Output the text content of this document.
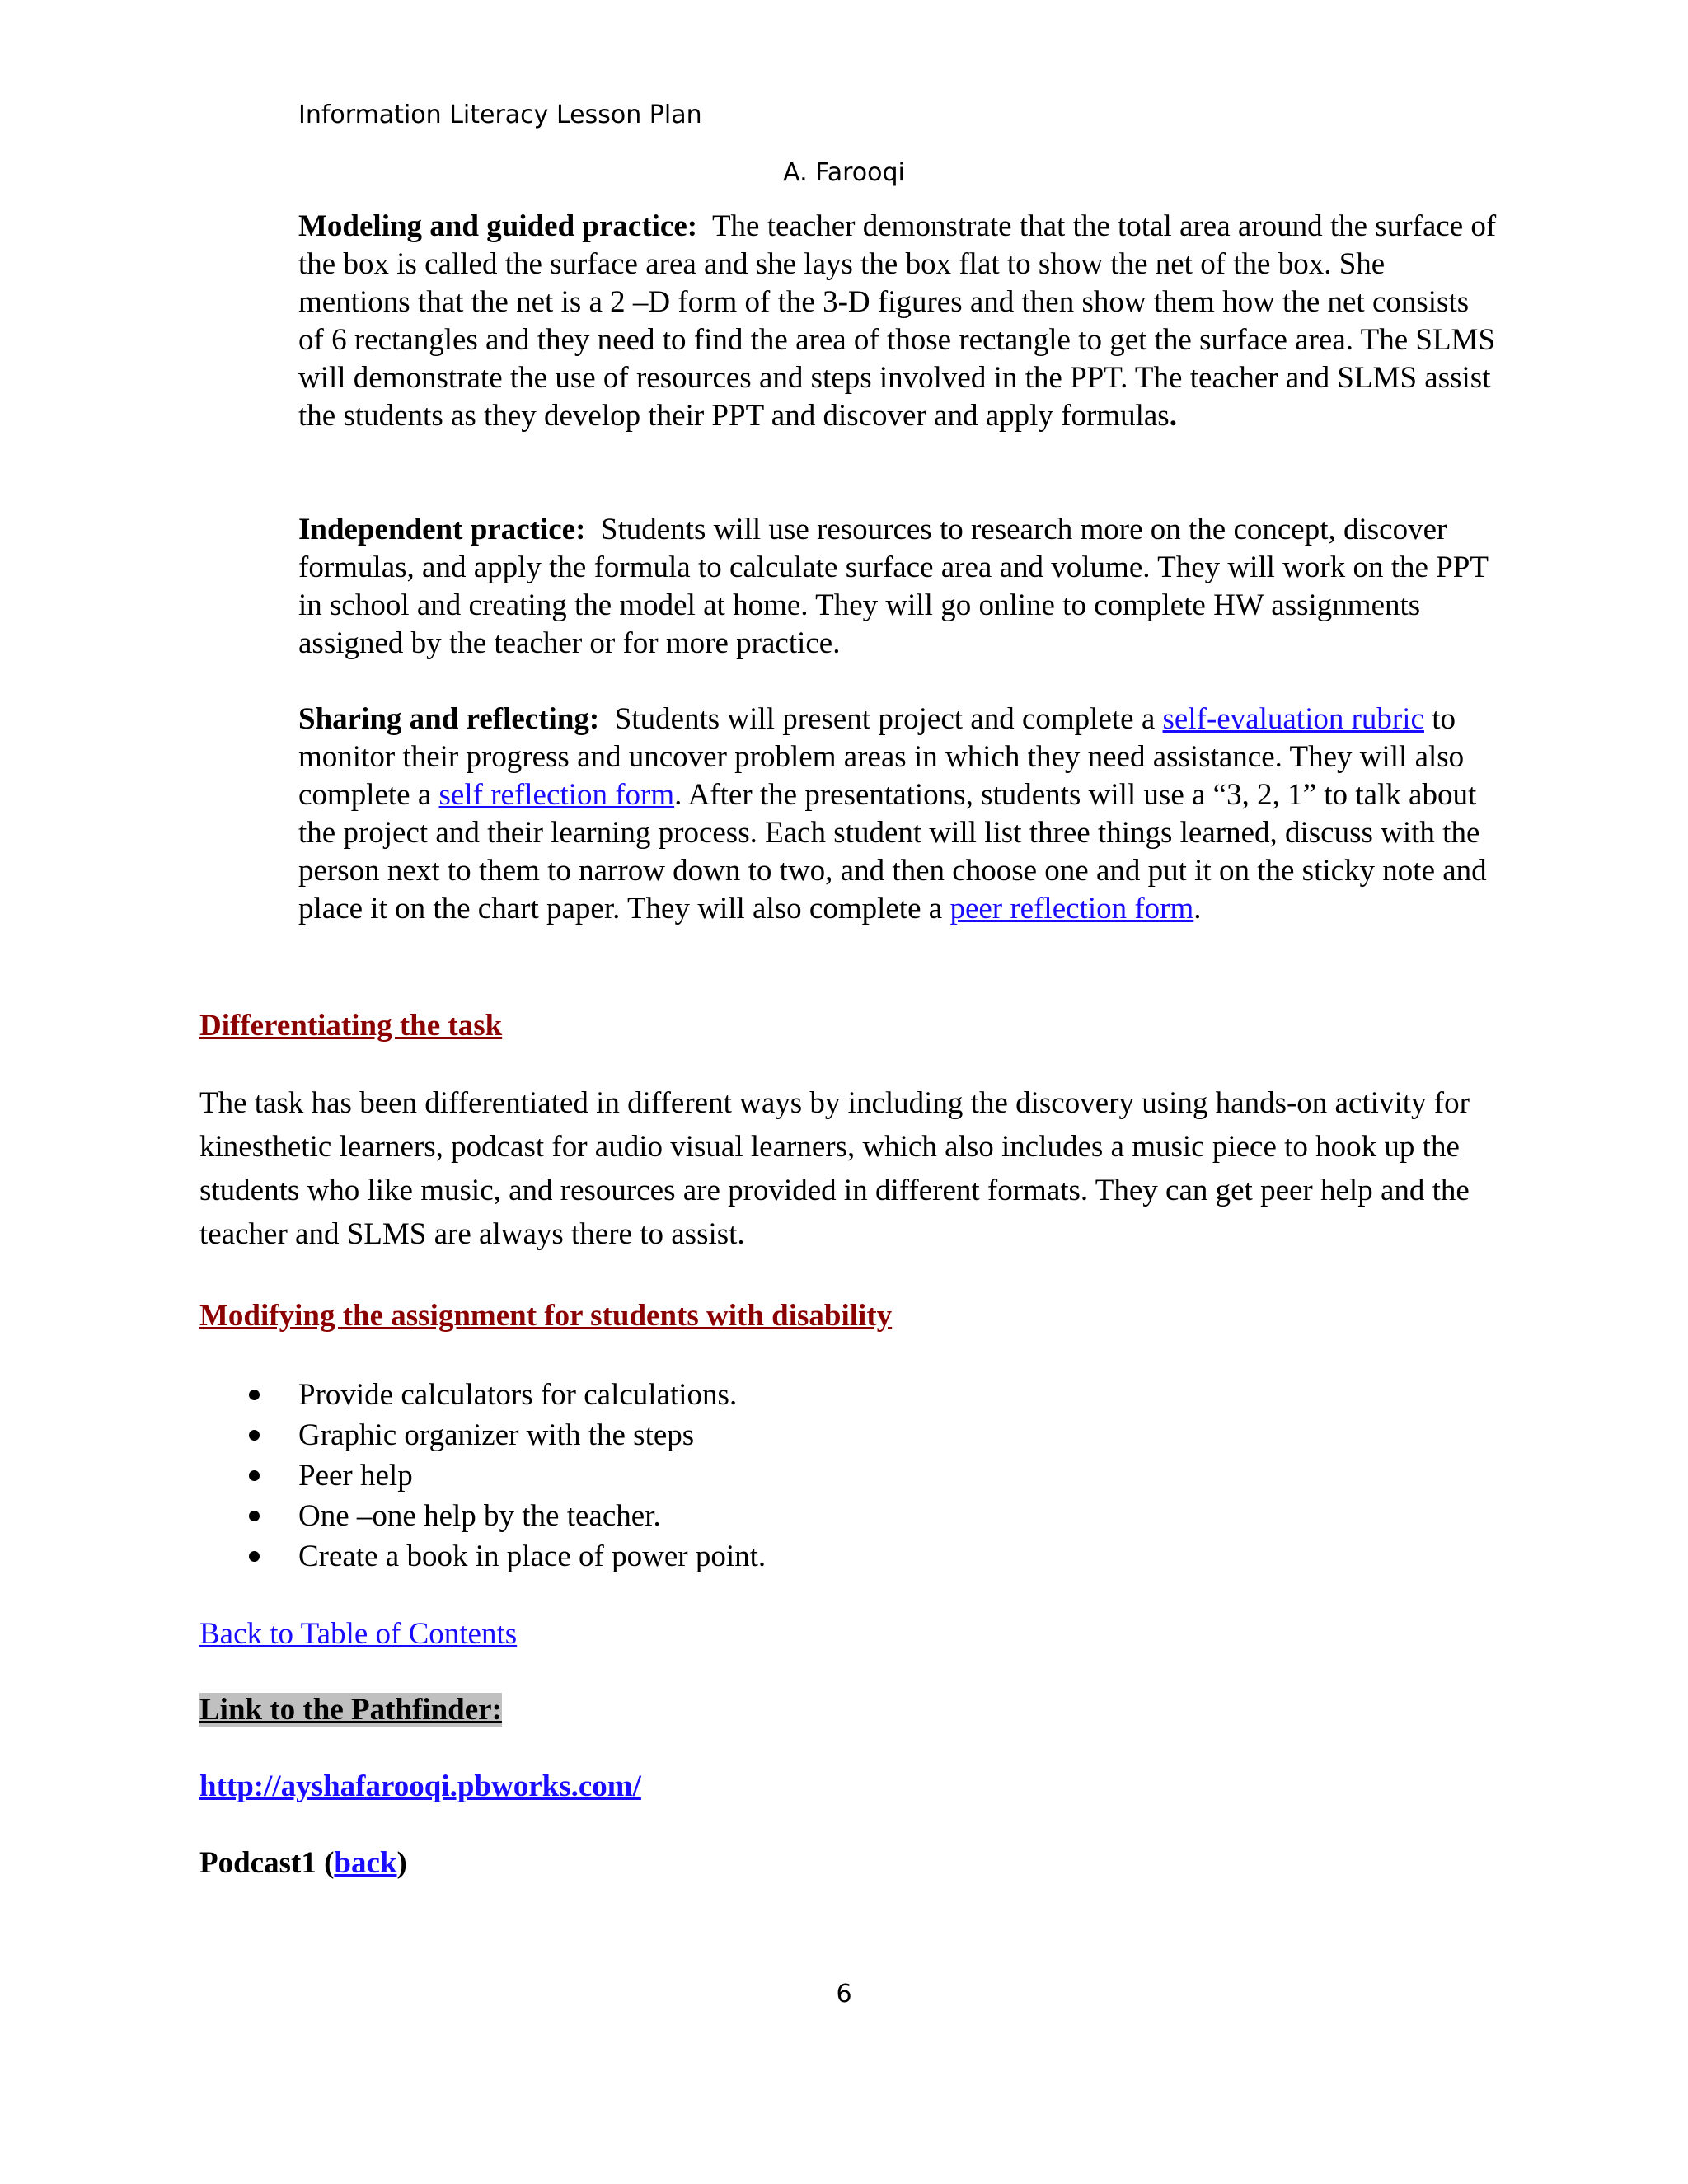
Information Literacy Lesson Plan
A. Farooqi
Modeling and guided practice: The teacher demonstrate that the total area around the surface of the box is called the surface area and she lays the box flat to show the net of the box. She mentions that the net is a 2 –D form of the 3-D figures and then show them how the net consists of 6 rectangles and they need to find the area of those rectangle to get the surface area. The SLMS will demonstrate the use of resources and steps involved in the PPT. The teacher and SLMS assist the students as they develop their PPT and discover and apply formulas.
Independent practice: Students will use resources to research more on the concept, discover formulas, and apply the formula to calculate surface area and volume. They will work on the PPT in school and creating the model at home. They will go online to complete HW assignments assigned by the teacher or for more practice.
Sharing and reflecting: Students will present project and complete a self-evaluation rubric to monitor their progress and uncover problem areas in which they need assistance. They will also complete a self reflection form. After the presentations, students will use a “3, 2, 1” to talk about the project and their learning process. Each student will list three things learned, discuss with the person next to them to narrow down to two, and then choose one and put it on the sticky note and place it on the chart paper. They will also complete a peer reflection form.
Differentiating the task
The task has been differentiated in different ways by including the discovery using hands-on activity for kinesthetic learners, podcast for audio visual learners, which also includes a music piece to hook up the students who like music, and resources are provided in different formats. They can get peer help and the teacher and SLMS are always there to assist.
Modifying the assignment for students with disability
Provide calculators for calculations.
Graphic organizer with the steps
Peer help
One –one help by the teacher.
Create a book in place of power point.
Back to Table of Contents
Link to the Pathfinder:
http://ayshafarooqi.pbworks.com/
Podcast1 (back)
6
